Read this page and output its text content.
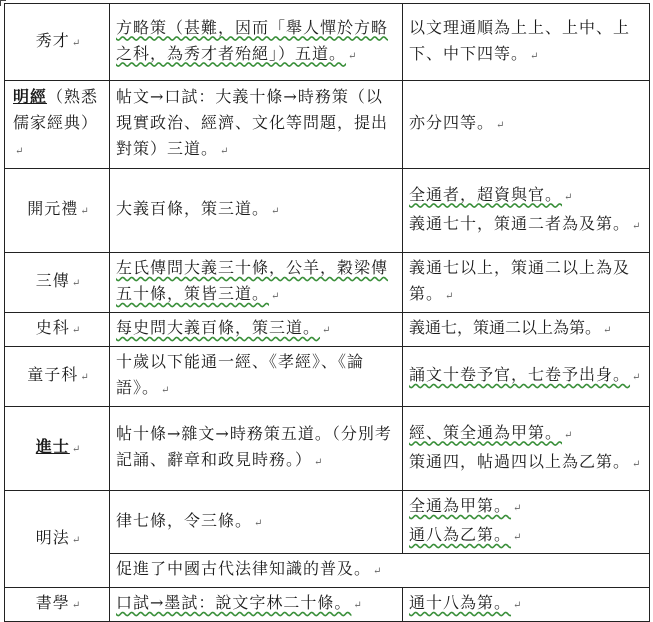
秀才 ↵	方略策（甚難，因而「舉人憚於方略之科，為秀才者殆絕」）五道。 ↵	以文理通順為上上、上中、上下、中下四等。 ↵
明經（熟悉儒家經典）↵	帖文→口試：大義十條→時務策（以現實政治、經濟、文化等問題，提出對策）三道。 ↵	亦分四等。 ↵
開元禮 ↵	大義百條，策三道。 ↵	全通者，超資與官。 ↵
義通七十，策通二者為及第。 ↵

三傳 ↵	左氏傳問大義三十條，公羊，穀梁傳五十條，策皆三道。 ↵	義通七以上，策通二以上為及第。 ↵
史科 ↵	每史問大義百條，策三道。 ↵	義通七，策通二以上為第。 ↵
童子科 ↵	十歲以下能通一經、《孝經》、《論語》。 ↵	誦文十卷予官，七卷予出身。 ↵
進士 ↵	帖十條→雜文→時務策五道。（分別考記誦、辭章和政見時務。） ↵	經、策全通為甲第。 ↵
策通四，帖過四以上為乙第。 ↵

明法 ↵	律七條，令三條。 ↵	全通為甲第。 ↵
通八為乙第。 ↵

	促進了中國古代法律知識的普及。 ↵	
書學 ↵	口試→墨試：說文字林二十條。 ↵	通十八為第。 ↵
